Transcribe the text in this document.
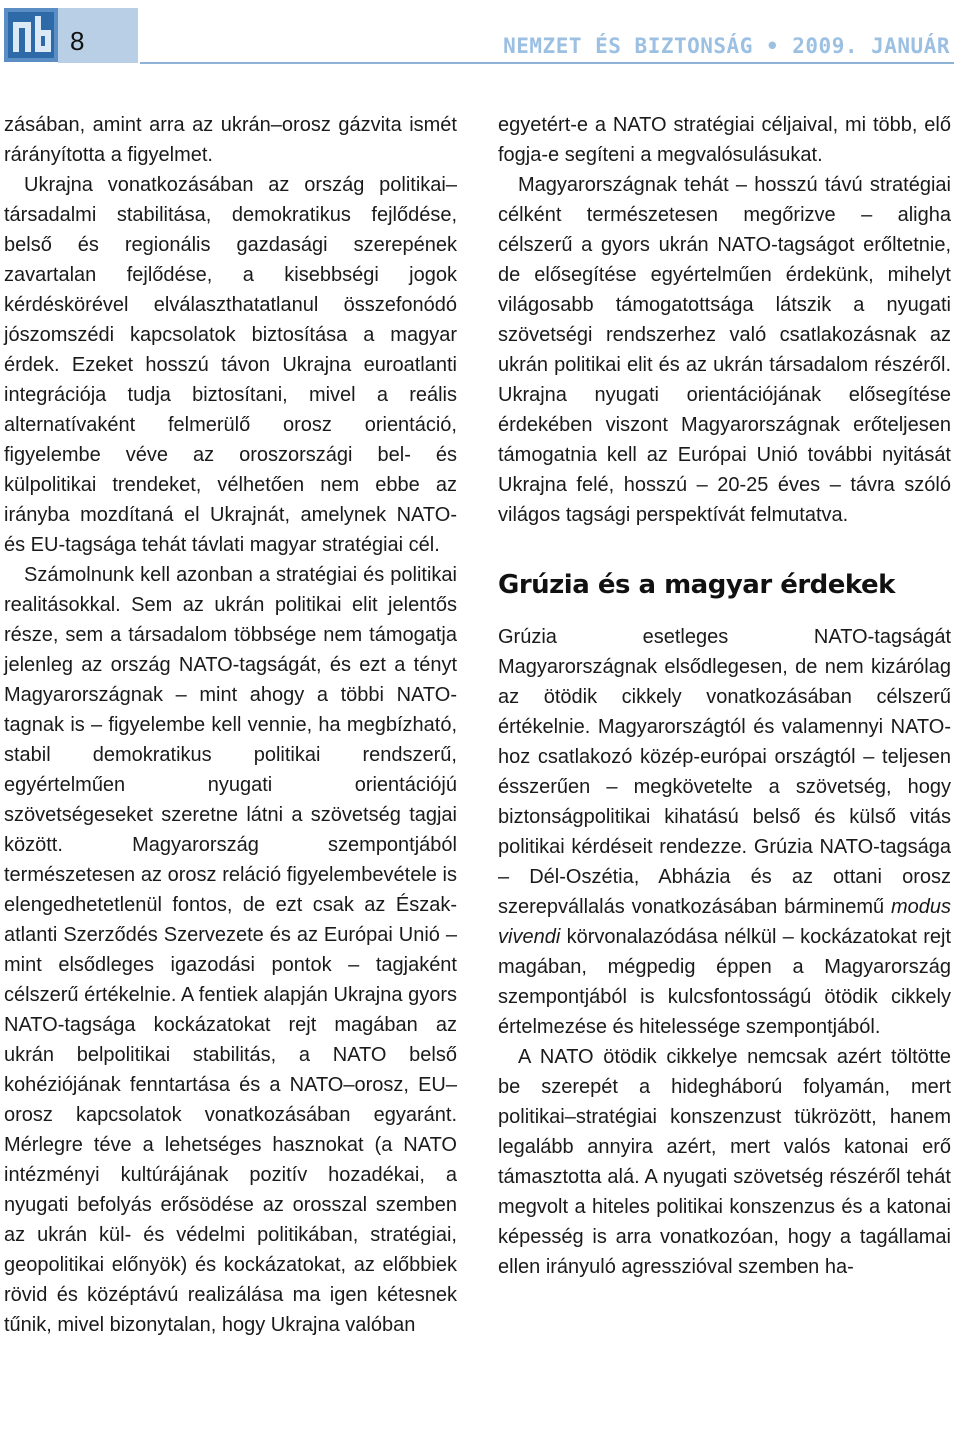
8	NEMZET ÉS BIZTONSÁG • 2009. JANUÁR

zásában, amint arra az ukrán–orosz gázvita ismét rárányította a figyelmet.

Ukrajna vonatkozásában az ország politikai–társadalmi stabilitása, demokratikus fejlődése, belső és regionális gazdasági szerepének zavartalan fejlődése, a kisebbségi jogok kérdéskörével elválaszthatatlanul összefonódó jószomszédi kapcsolatok biztosítása a magyar érdek. Ezeket hosszú távon Ukrajna euroatlanti integrációja tudja biztosítani, mivel a reális alternatívaként felmerülő orosz orientáció, figyelembe véve az oroszországi bel- és külpolitikai trendeket, vélhetően nem ebbe az irányba mozdítaná el Ukrajnát, amelynek NATO- és EU-tagsága tehát távlati magyar stratégiai cél.

Számolnunk kell azonban a stratégiai és politikai realitásokkal. Sem az ukrán politikai elit jelentős része, sem a társadalom többsége nem támogatja jelenleg az ország NATO-tagságát, és ezt a tényt Magyarországnak – mint ahogy a többi NATO-tagnak is – figyelembe kell vennie, ha megbízható, stabil demokratikus politikai rendszerű, egyértelműen nyugati orientációjú szövetségeseket szeretne látni a szövetség tagjai között. Magyarország szempontjából természetesen az orosz reláció figyelembevétele is elengedhetetlenül fontos, de ezt csak az Észak-atlanti Szerződés Szervezete és az Európai Unió – mint elsődleges igazodási pontok – tagjaként célszerű értékelnie. A fentiek alapján Ukrajna gyors NATO-tagsága kockázatokat rejt magában az ukrán belpolitikai stabilitás, a NATO belső kohéziójának fenntartása és a NATO–orosz, EU–orosz kapcsolatok vonatkozásában egyaránt. Mérlegre téve a lehetséges hasznokat (a NATO intézményi kultúrájának pozitív hozadékai, a nyugati befolyás erősödése az orosszal szemben az ukrán kül- és védelmi politikában, stratégiai, geopolitikai előnyök) és kockázatokat, az előbbiek rövid és középtávú realizálása ma igen kétesnek tűnik, mivel bizonytalan, hogy Ukrajna valóban

egyetért-e a NATO stratégiai céljaival, mi több, elő fogja-e segíteni a megvalósulásukat.

Magyarországnak tehát – hosszú távú stratégiai célként természetesen megőrizve – aligha célszerű a gyors ukrán NATO-tagságot erőltetnie, de elősegítése egyértelműen érdekünk, mihelyt világosabb támogatottsága látszik a nyugati szövetségi rendszerhez való csatlakozásnak az ukrán politikai elit és az ukrán társadalom részéről. Ukrajna nyugati orientációjának elősegítése érdekében viszont Magyarországnak erőteljesen támogatnia kell az Európai Unió további nyitását Ukrajna felé, hosszú – 20-25 éves – távra szóló világos tagsági perspektívát felmutatva.

Grúzia és a magyar érdekek

Grúzia esetleges NATO-tagságát Magyarországnak elsődlegesen, de nem kizárólag az ötödik cikkely vonatkozásában célszerű értékelnie. Magyarországtól és valamennyi NATO-hoz csatlakozó közép-európai országtól – teljesen ésszerűen – megkövetelte a szövetség, hogy biztonságpolitikai kihatású belső és külső vitás politikai kérdéseit rendezze. Grúzia NATO-tagsága – Dél-Oszétia, Abházia és az ottani orosz szerepvállalás vonatkozásában bárminemű modus vivendi körvonalazódása nélkül – kockázatokat rejt magában, mégpedig éppen a Magyarország szempontjából is kulcsfontosságú ötödik cikkely értelmezése és hitelessége szempontjából.

A NATO ötödik cikkelye nemcsak azért töltötte be szerepét a hidegháború folyamán, mert politikai–stratégiai konszenzust tükrözött, hanem legalább annyira azért, mert valós katonai erő támasztotta alá. A nyugati szövetség részéről tehát megvolt a hiteles politikai konszenzus és a katonai képesség is arra vonatkozóan, hogy a tagállamai ellen irányuló agresszióval szemben ha-
